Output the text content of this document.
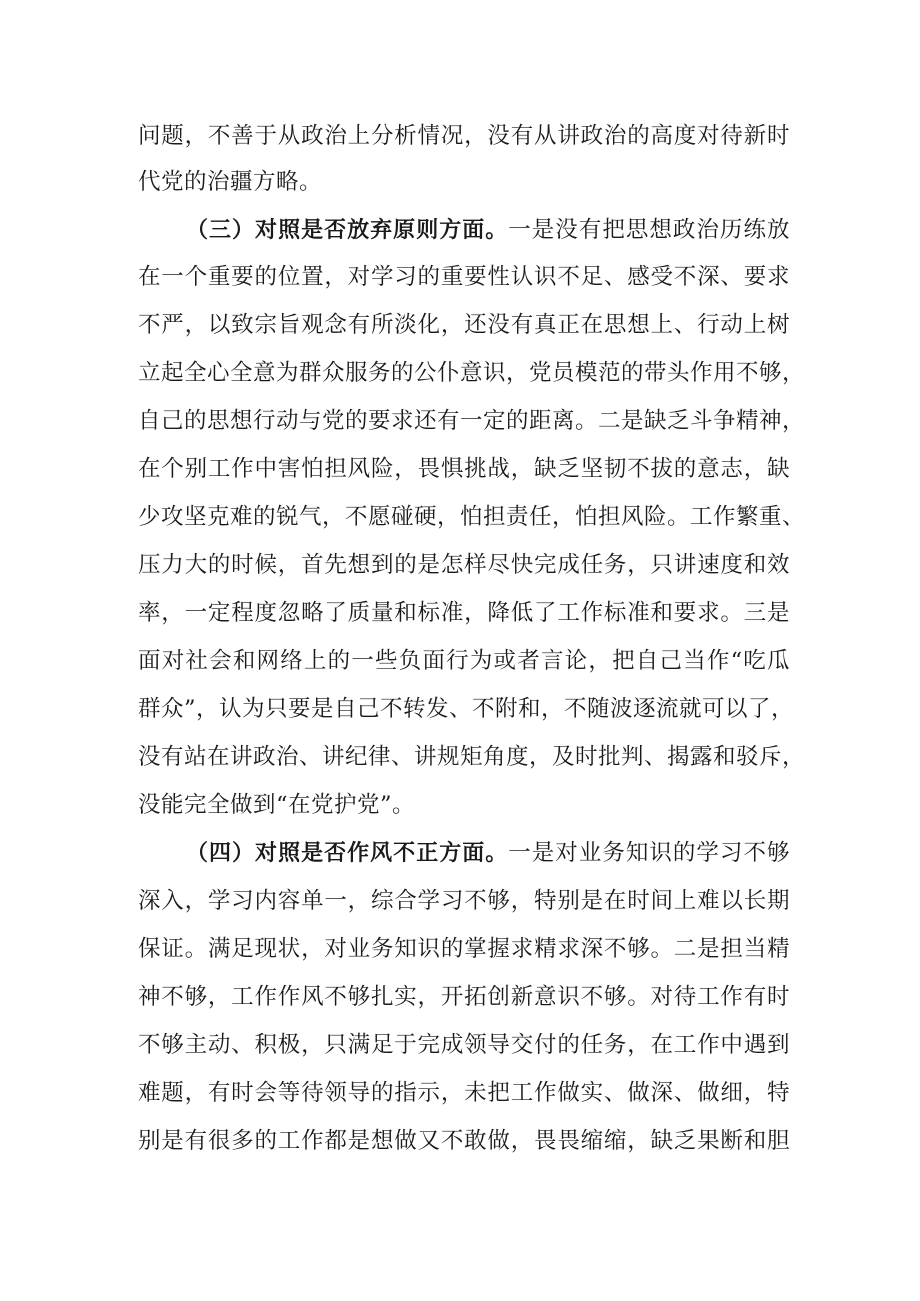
问题，不善于从政治上分析情况，没有从讲政治的高度对待新时
代党的治疆方略。
（三）对照是否放弃原则方面。一是没有把思想政治历练放
在一个重要的位置，对学习的重要性认识不足、感受不深、要求
不严，以致宗旨观念有所淡化，还没有真正在思想上、行动上树
立起全心全意为群众服务的公仆意识，党员模范的带头作用不够，
自己的思想行动与党的要求还有一定的距离。二是缺乏斗争精神，
在个别工作中害怕担风险，畏惧挑战，缺乏坚韧不拔的意志，缺
少攻坚克难的锐气，不愿碰硬，怕担责任，怕担风险。工作繁重、
压力大的时候，首先想到的是怎样尽快完成任务，只讲速度和效
率，一定程度忽略了质量和标准，降低了工作标准和要求。三是
面对社会和网络上的一些负面行为或者言论，把自己当作“吃瓜
群众”，认为只要是自己不转发、不附和，不随波逐流就可以了，
没有站在讲政治、讲纪律、讲规矩角度，及时批判、揭露和驳斥，
没能完全做到“在党护党”。
（四）对照是否作风不正方面。一是对业务知识的学习不够
深入，学习内容单一，综合学习不够，特别是在时间上难以长期
保证。满足现状，对业务知识的掌握求精求深不够。二是担当精
神不够，工作作风不够扎实，开拓创新意识不够。对待工作有时
不够主动、积极，只满足于完成领导交付的任务，在工作中遇到
难题，有时会等待领导的指示，未把工作做实、做深、做细，特
别是有很多的工作都是想做又不敢做，畏畏缩缩，缺乏果断和胆
